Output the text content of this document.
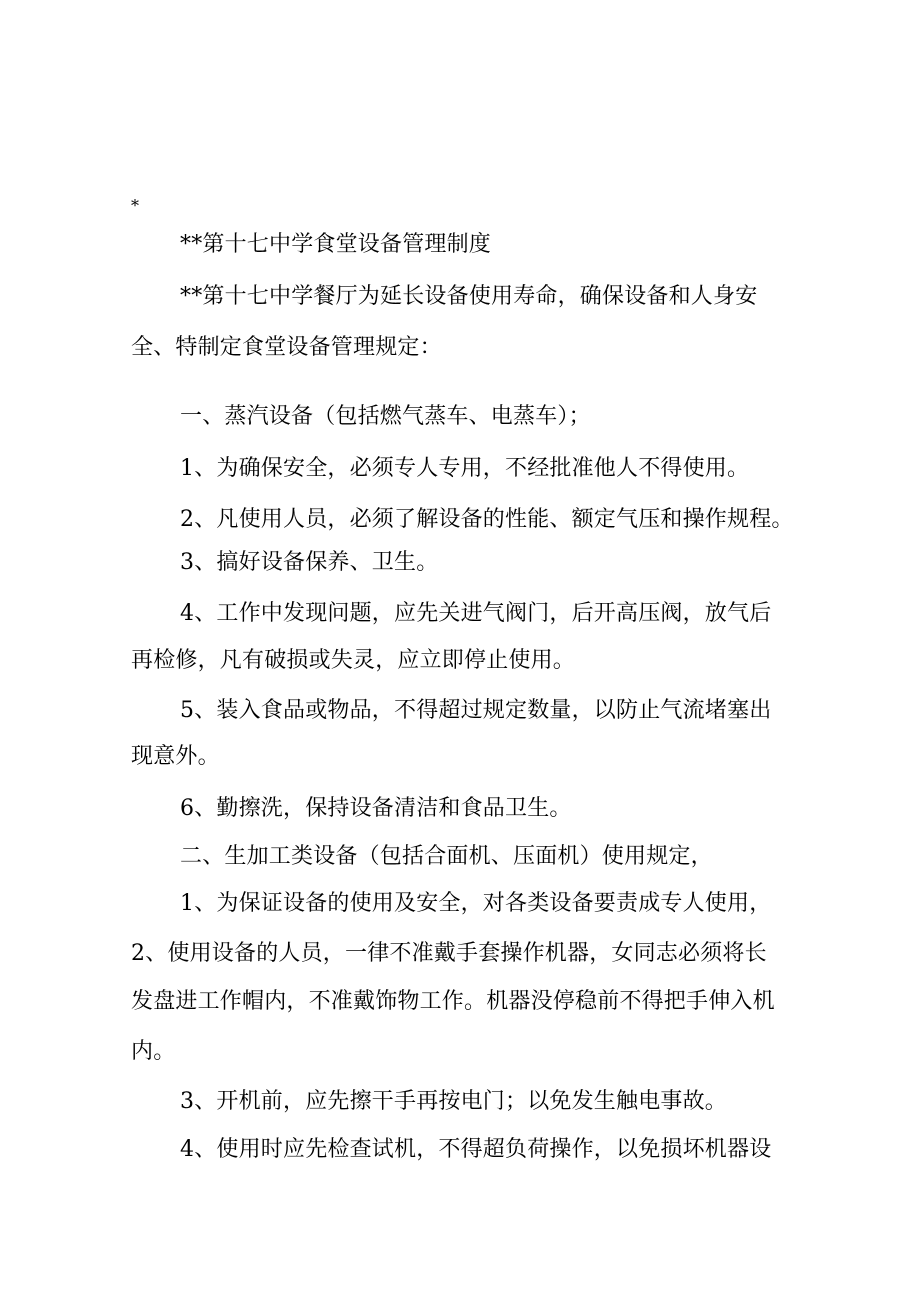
*
**第十七中学食堂设备管理制度
**第十七中学餐厅为延长设备使用寿命，确保设备和人身安
全、特制定食堂设备管理规定：
一、蒸汽设备（包括燃气蒸车、电蒸车）；
1、为确保安全，必须专人专用，不经批准他人不得使用。
2、凡使用人员，必须了解设备的性能、额定气压和操作规程。
3、搞好设备保养、卫生。
4、工作中发现问题，应先关进气阀门，后开高压阀，放气后
再检修，凡有破损或失灵，应立即停止使用。
5、装入食品或物品，不得超过规定数量，以防止气流堵塞出
现意外。
6、勤擦洗，保持设备清洁和食品卫生。
二、生加工类设备（包括合面机、压面机）使用规定，
1、为保证设备的使用及安全，对各类设备要责成专人使用，
2、使用设备的人员，一律不准戴手套操作机器，女同志必须将长
发盘进工作帽内，不准戴饰物工作。机器没停稳前不得把手伸入机
内。
3、开机前，应先擦干手再按电门；以免发生触电事故。
4、使用时应先检查试机，不得超负荷操作，以免损坏机器设
